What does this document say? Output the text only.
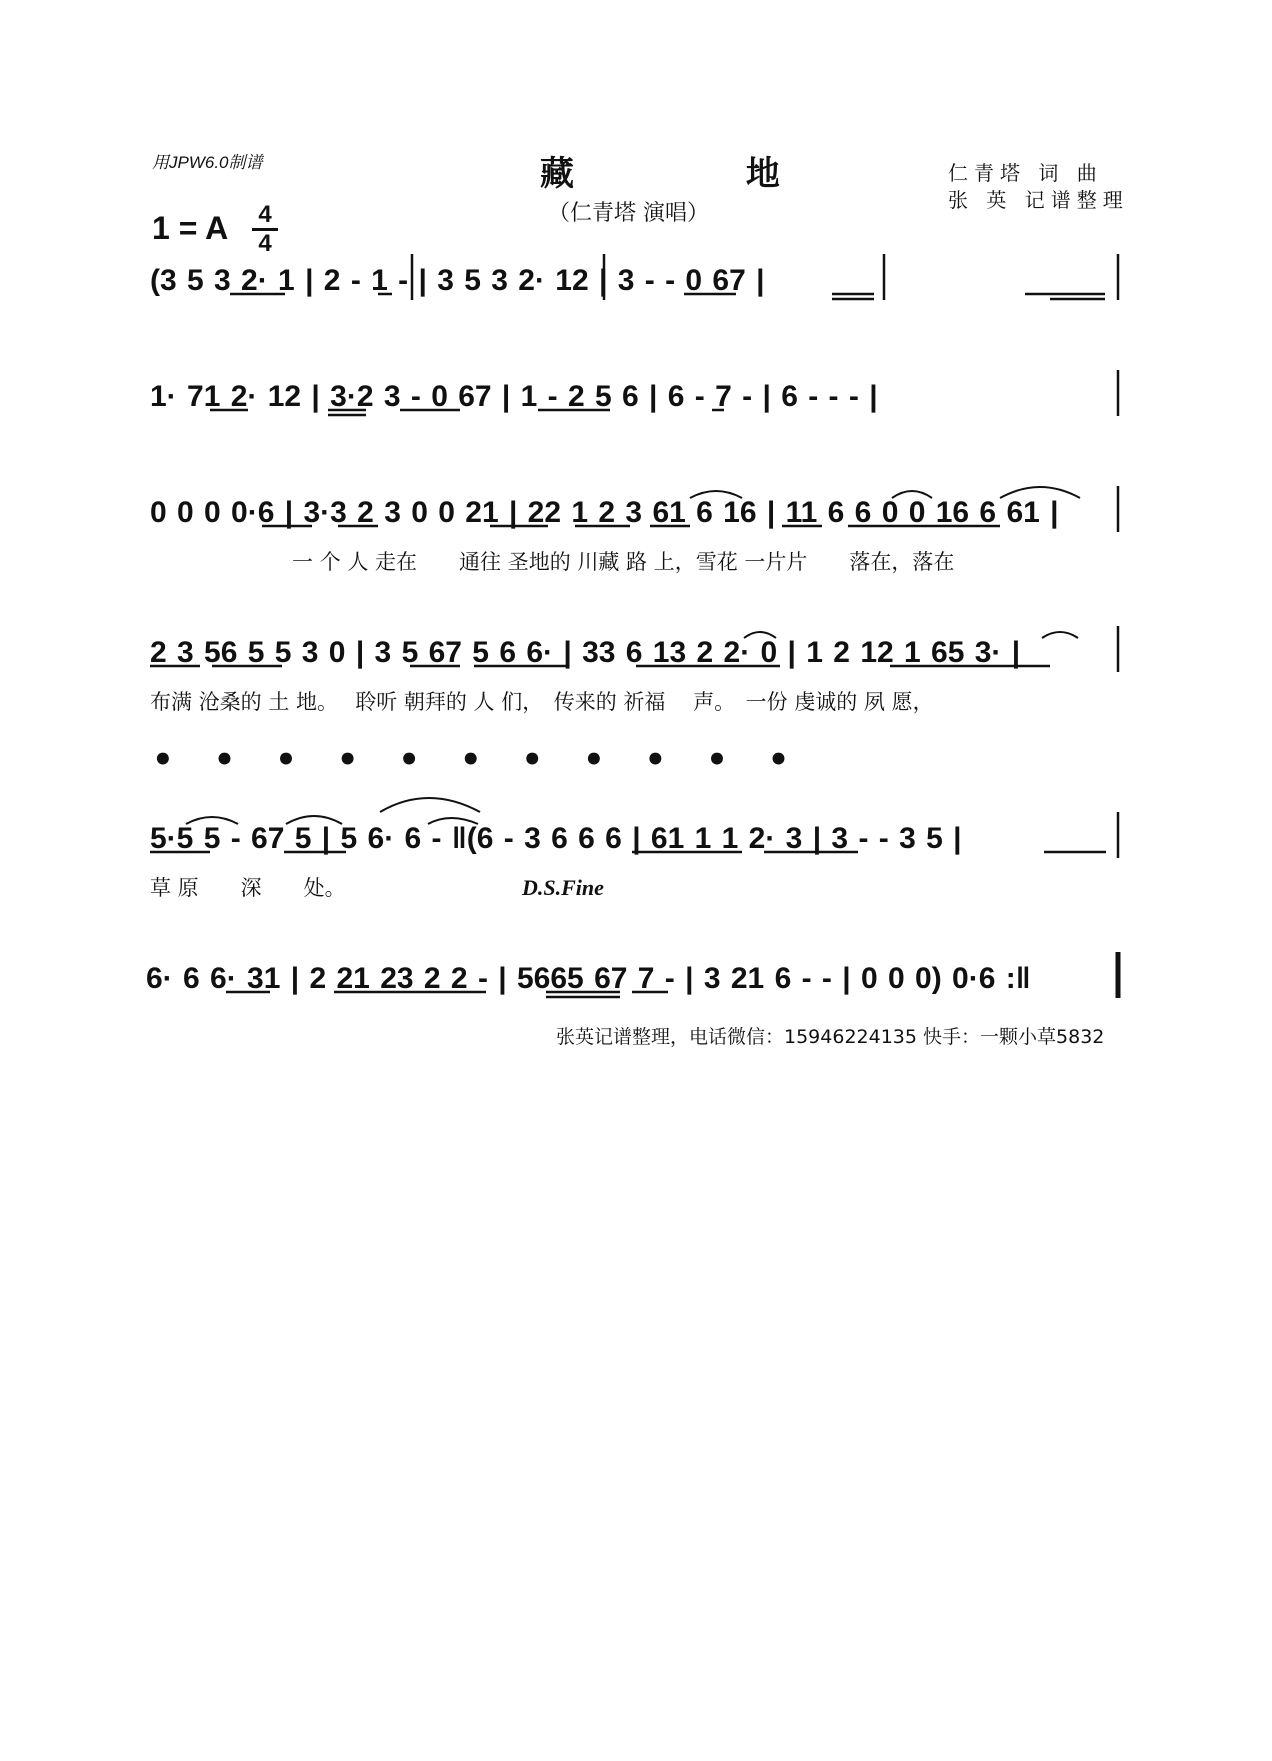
用JPW6.0制谱	藏 地
（仁青塔 演唱）
仁青塔 词 曲
张 英 记谱整理
1 = A 4
4
(3 5 3 2· 1 | 2 - 1 - | 3 5 3 2· 12 | 3 - - 0 67 |
1· 71 2· 12 | 3·2 3 - 0 67 | 1 - 2 5 6 | 6 - 7 - | 6 - - - |
0 0 0 0·6 | 3·3 2 3 0 0 21 | 22 1 2 3 61 6 16 | 11 6 6 0 0 16 6 61 |
一 个 人 走在　　通往 圣地的 川藏 路 上，雪花 一片片　　落在，落在
2 3 56 5 5 3 0 | 3 5 67 5 6 6· | 33 6 13 2 2· 0 | 1 2 12 1 65 3· |
布满 沧桑的 土 地。　 聆听 朝拜的 人 们，　传来的 祈福　 声。　一份 虔诚的 夙 愿，
• • • • • • • • • • •
5·5 5 - 67 5 | 5 6· 6 - ‖(6 - 3 6 6 6 | 61 1 1 2· 3 | 3 - - 3 5 |
草 原　　深　　处。	D.S.Fine
6· 6 6· 31 | 2 21 23 2 2 - | 5665 67 7 - | 3 21 6 - - | 0 0 0) 0·6 :‖
张英记谱整理，电话微信：15946224135 快手：一颗小草5832
